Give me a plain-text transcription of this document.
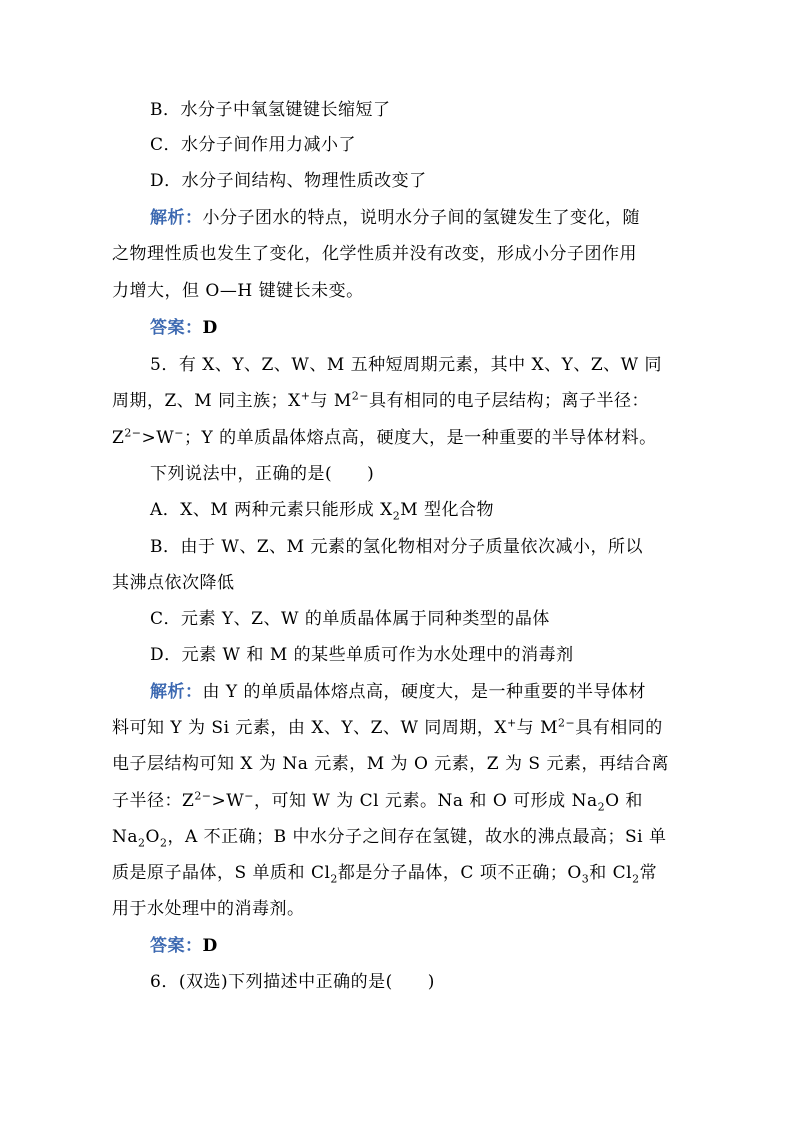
B．水分子中氧氢键键长缩短了
C．水分子间作用力减小了
D．水分子间结构、物理性质改变了
解析：小分子团水的特点，说明水分子间的氢键发生了变化，随
之物理性质也发生了变化，化学性质并没有改变，形成小分子团作用
力增大，但 O—H 键键长未变。
答案：D
5．有 X、Y、Z、W、M 五种短周期元素，其中 X、Y、Z、W 同
周期，Z、M 同主族；X+与 $M^{2-}$具有相同的电子层结构；离子半径：
$Z^{2-}>W^-$；Y 的单质晶体熔点高，硬度大，是一种重要的半导体材料。
下列说法中，正确的是(　　)
A．X、M 两种元素只能形成 $X_2M$ 型化合物
B．由于 W、Z、M 元素的氢化物相对分子质量依次减小，所以
其沸点依次降低
C．元素 Y、Z、W 的单质晶体属于同种类型的晶体
D．元素 W 和 M 的某些单质可作为水处理中的消毒剂
解析：由 Y 的单质晶体熔点高，硬度大，是一种重要的半导体材
料可知 Y 为 Si 元素，由 X、Y、Z、W 同周期，X+与 $M^{2-}$具有相同的
电子层结构可知 X 为 Na 元素，M 为 O 元素，Z 为 S 元素，再结合离
子半径：$Z^{2-}>W^-$，可知 W 为 Cl 元素。Na 和 O 可形成 $Na_2O$ 和
$Na_2O_2$，A 不正确；B 中水分子之间存在氢键，故水的沸点最高；Si 单
质是原子晶体，S 单质和 $Cl_2$都是分子晶体，C 项不正确；$O_3$和 $Cl_2$常
用于水处理中的消毒剂。
答案：D
6．(双选)下列描述中正确的是(　　)
